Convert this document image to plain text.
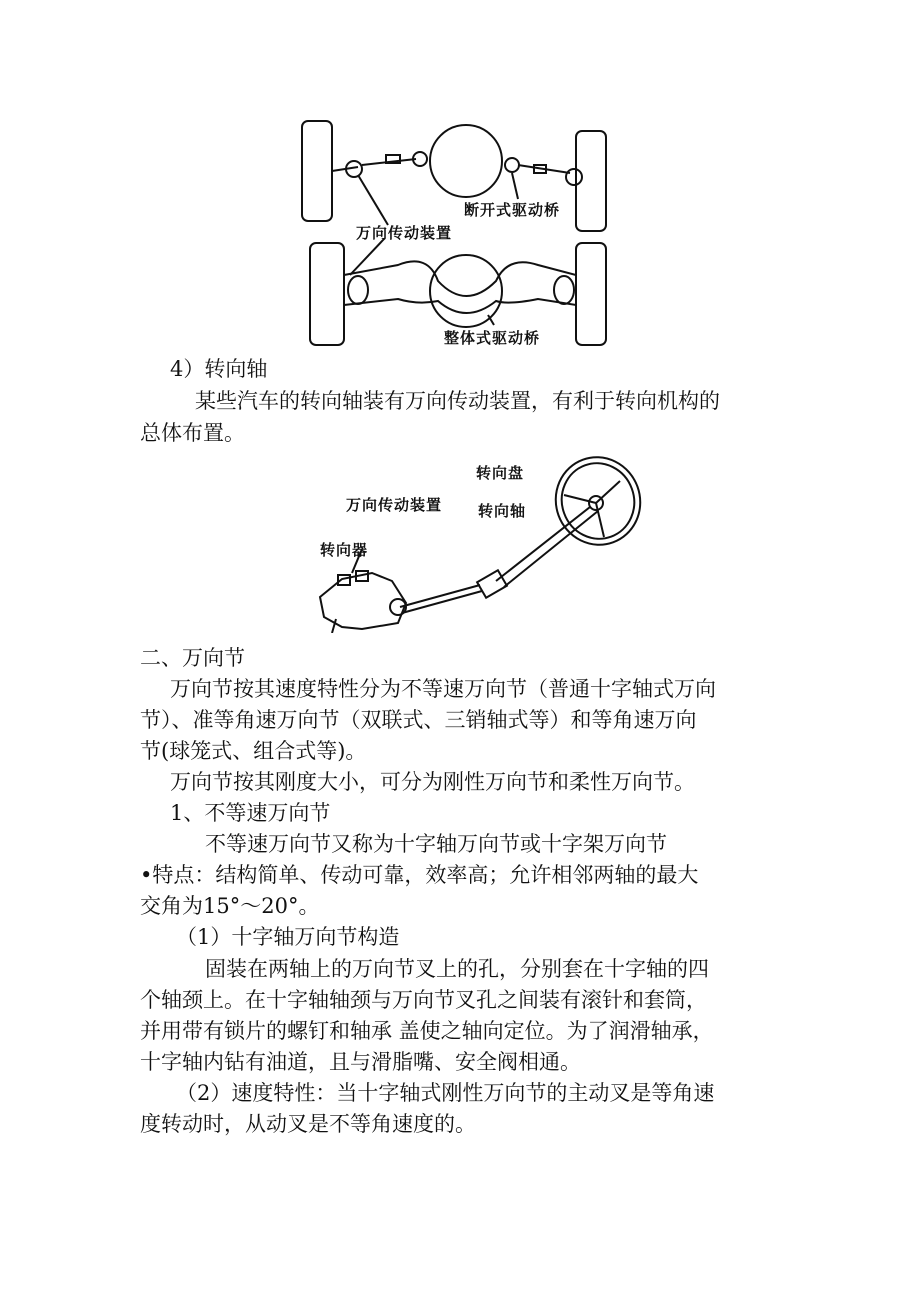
断开式驱动桥
万向传动装置
整体式驱动桥
4）转向轴
某些汽车的转向轴装有万向传动装置，有利于转向机构的
总体布置。
转向盘
万向传动装置 转向轴
转向器
二、万向节
万向节按其速度特性分为不等速万向节（普通十字轴式万向
节）、准等角速万向节（双联式、三销轴式等）和等角速万向
节(球笼式、组合式等)。
万向节按其刚度大小，可分为刚性万向节和柔性万向节。
1、不等速万向节
不等速万向节又称为十字轴万向节或十字架万向节
•特点：结构简单、传动可靠，效率高；允许相邻两轴的最大
交角为15°～20°。
（1）十字轴万向节构造
固装在两轴上的万向节叉上的孔，分别套在十字轴的四
个轴颈上。在十字轴轴颈与万向节叉孔之间装有滚针和套筒，
并用带有锁片的螺钉和轴承 盖使之轴向定位。为了润滑轴承，
十字轴内钻有油道，且与滑脂嘴、安全阀相通。
（2）速度特性：当十字轴式刚性万向节的主动叉是等角速
度转动时，从动叉是不等角速度的。
